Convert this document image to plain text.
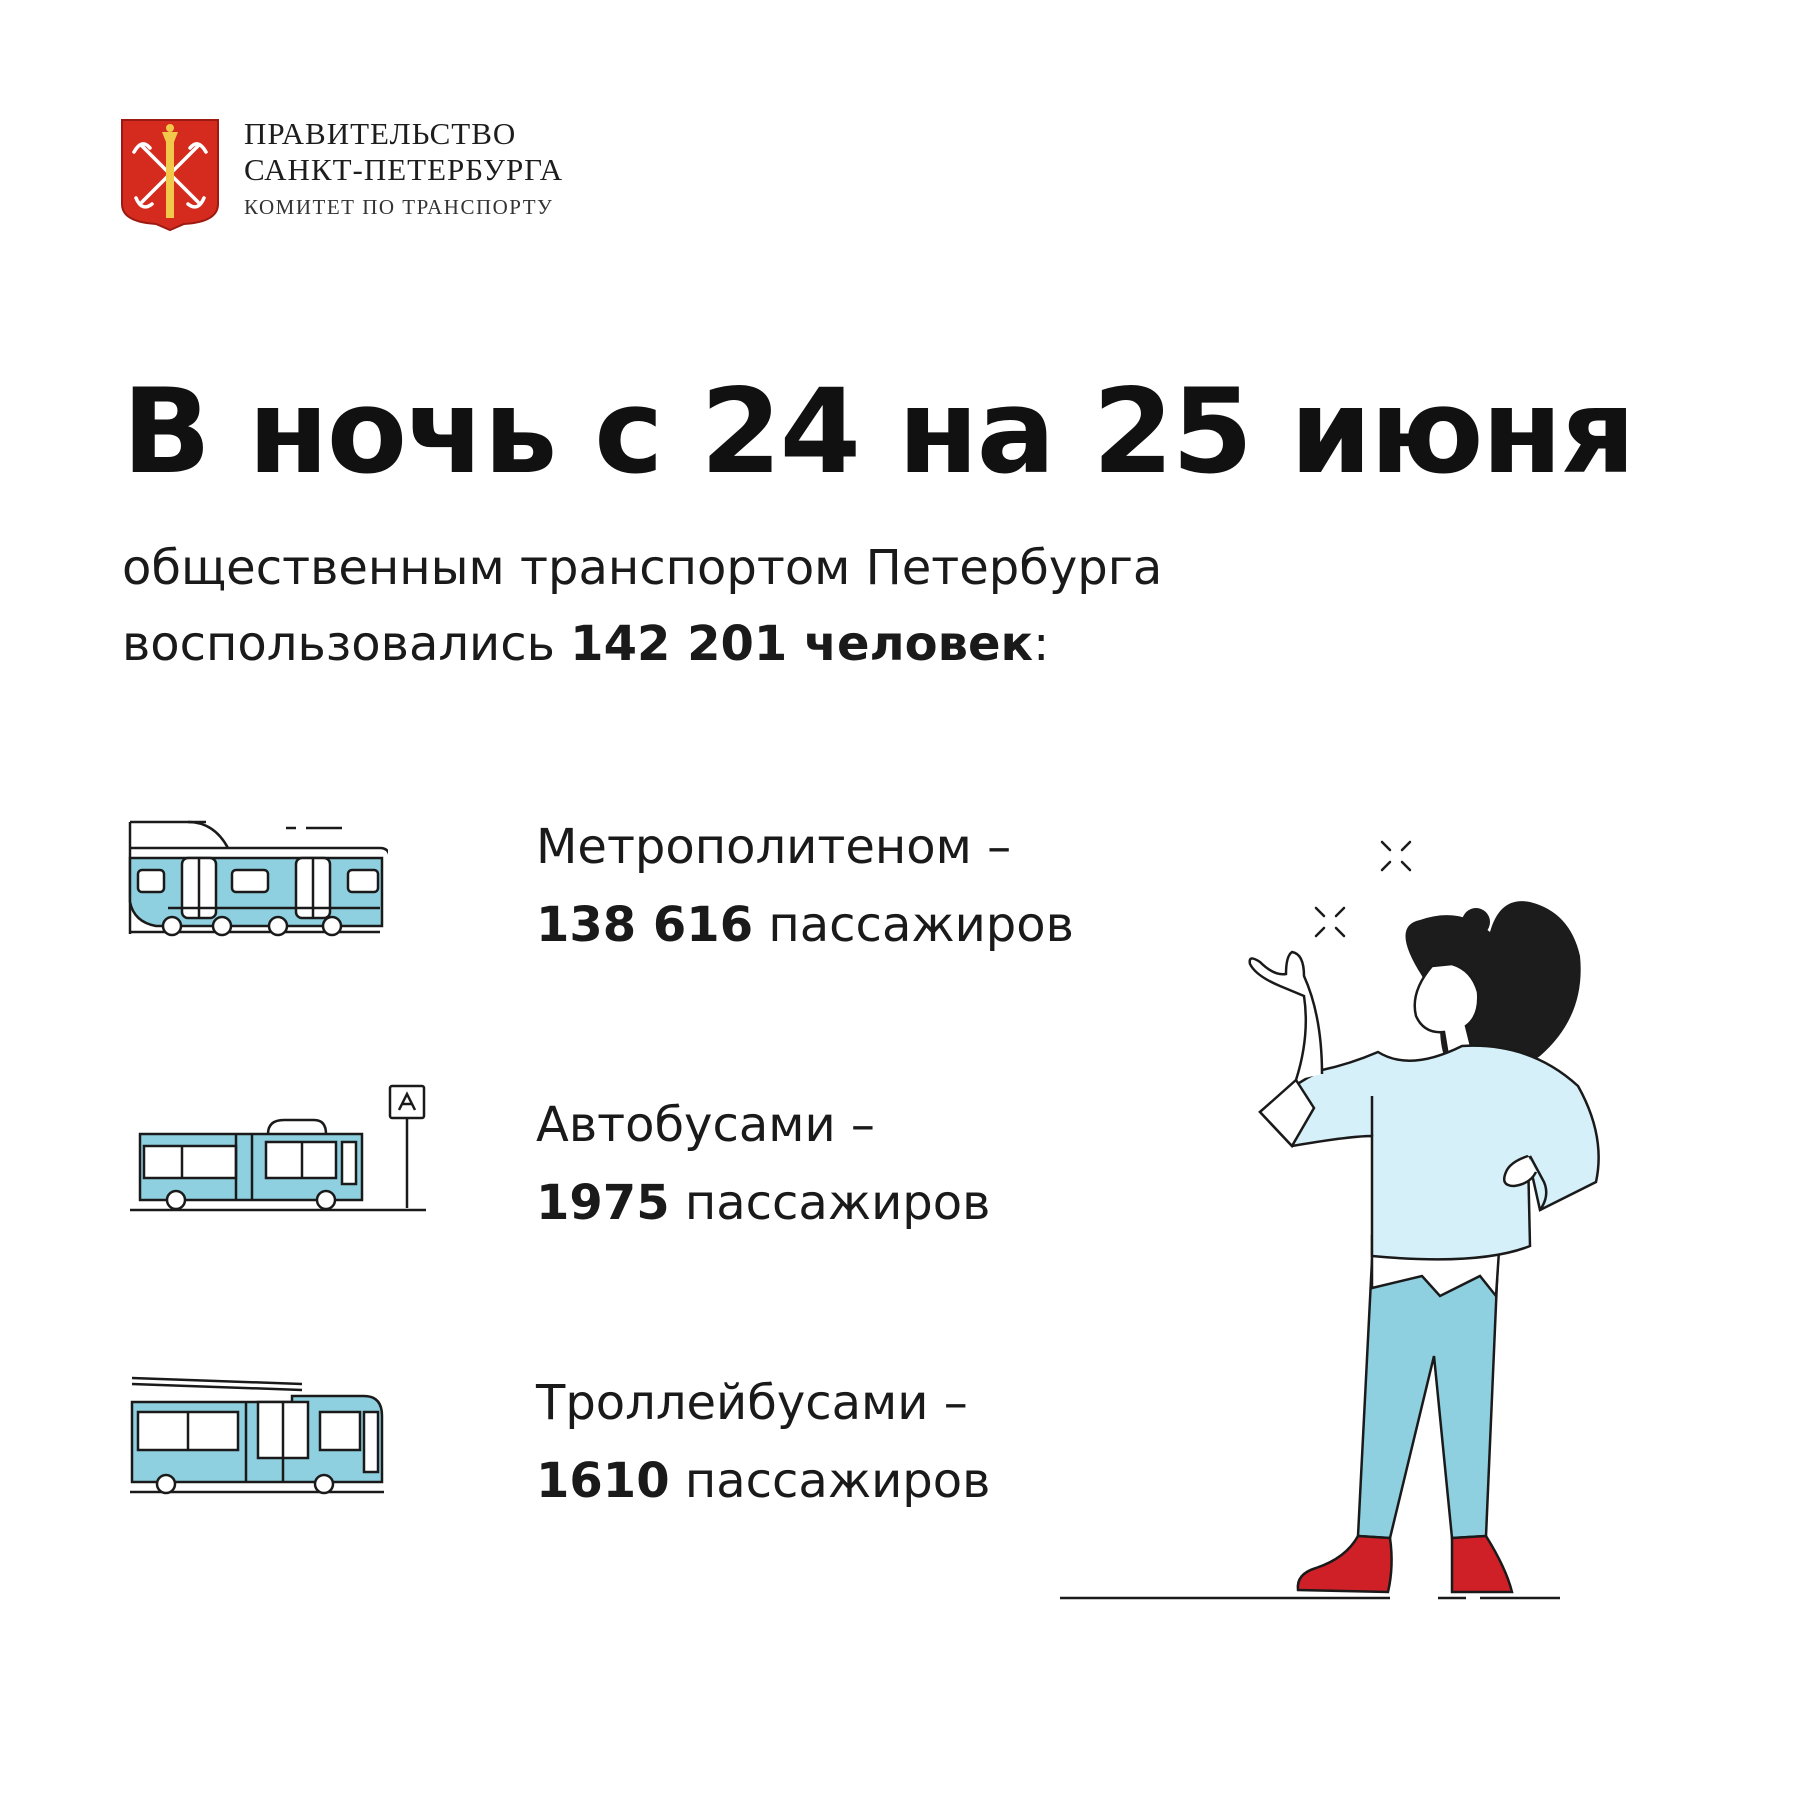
ПРАВИТЕЛЬСТВО
САНКТ-ПЕТЕРБУРГА
КОМИТЕТ ПО ТРАНСПОРТУ
В ночь с 24 на 25 июня
общественным транспортом Петербурга
воспользовались 142 201 человек:
Метрополитеном –
138 616 пассажиров
Автобусами –
1975 пассажиров
Троллейбусами –
1610 пассажиров
